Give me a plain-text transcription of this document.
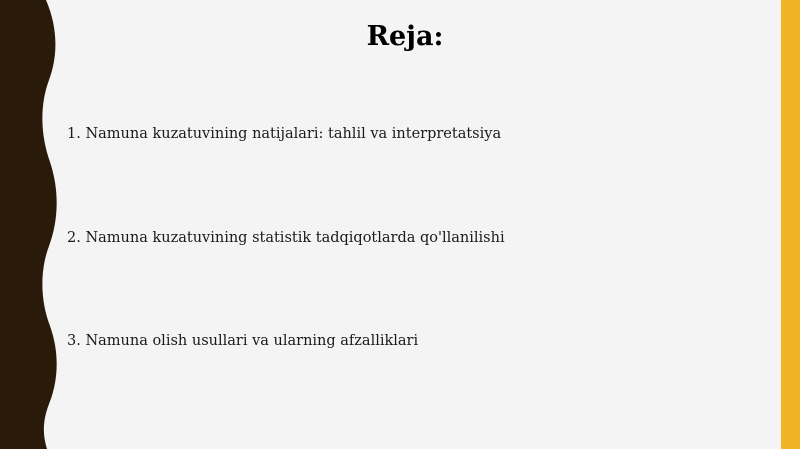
Reja:
1. Namuna kuzatuvining natijalari: tahlil va interpretatsiya
2. Namuna kuzatuvining statistik tadqiqotlarda qo'llanilishi
3. Namuna olish usullari va ularning afzalliklari
